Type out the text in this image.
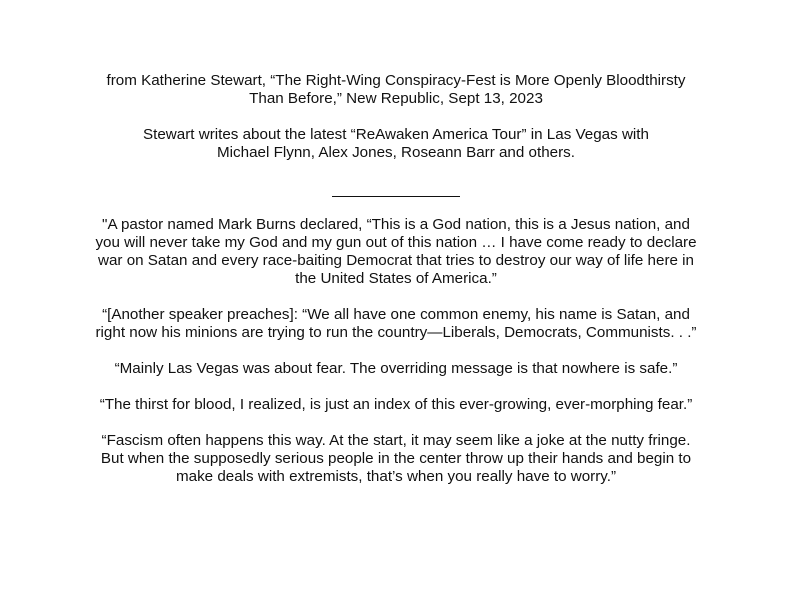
from Katherine Stewart, “The Right-Wing Conspiracy-Fest is More Openly Bloodthirsty
Than Before,” New Republic, Sept 13, 2023
Stewart writes about the latest “ReAwaken America Tour” in Las Vegas with
Michael Flynn, Alex Jones, Roseann Barr and others.
"A pastor named Mark Burns declared, “This is a God nation, this is a Jesus nation, and
you will never take my God and my gun out of this nation … I have come ready to declare
war on Satan and every race-baiting Democrat that tries to destroy our way of life here in
the United States of America.”
“[Another speaker preaches]: “We all have one common enemy, his name is Satan, and
right now his minions are trying to run the country—Liberals, Democrats, Communists. . .”
“Mainly Las Vegas was about fear. The overriding message is that nowhere is safe.”
“The thirst for blood, I realized, is just an index of this ever-growing, ever-morphing fear.”
“Fascism often happens this way. At the start, it may seem like a joke at the nutty fringe.
But when the supposedly serious people in the center throw up their hands and begin to
make deals with extremists, that’s when you really have to worry.”
